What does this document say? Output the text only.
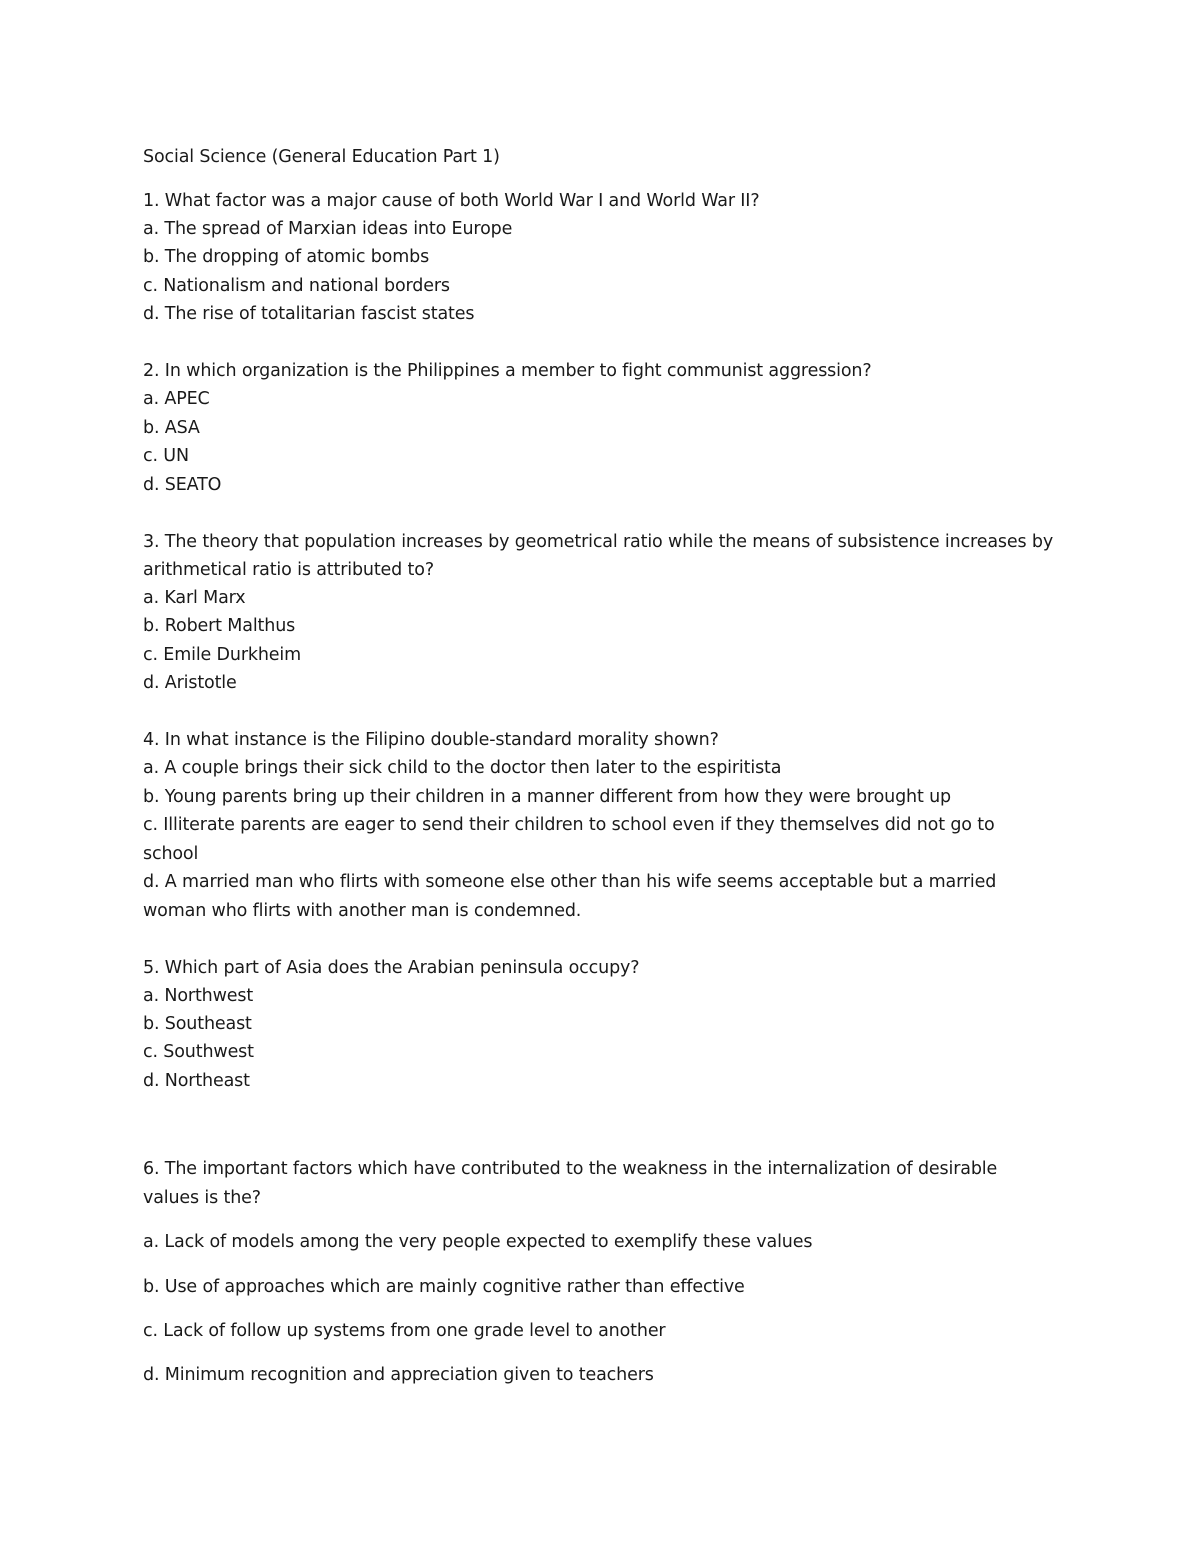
Social Science (General Education Part 1)
1. What factor was a major cause of both World War I and World War II?
a. The spread of Marxian ideas into Europe
b. The dropping of atomic bombs
c. Nationalism and national borders
d. The rise of totalitarian fascist states
2. In which organization is the Philippines a member to fight communist aggression?
a. APEC
b. ASA
c. UN
d. SEATO
3. The theory that population increases by geometrical ratio while the means of subsistence increases by
arithmetical ratio is attributed to?
a. Karl Marx
b. Robert Malthus
c. Emile Durkheim
d. Aristotle
4. In what instance is the Filipino double-standard morality shown?
a. A couple brings their sick child to the doctor then later to the espiritista
b. Young parents bring up their children in a manner different from how they were brought up
c. Illiterate parents are eager to send their children to school even if they themselves did not go to
school
d. A married man who flirts with someone else other than his wife seems acceptable but a married
woman who flirts with another man is condemned.
5. Which part of Asia does the Arabian peninsula occupy?
a. Northwest
b. Southeast
c. Southwest
d. Northeast
6. The important factors which have contributed to the weakness in the internalization of desirable
values is the?
a. Lack of models among the very people expected to exemplify these values
b. Use of approaches which are mainly cognitive rather than effective
c. Lack of follow up systems from one grade level to another
d. Minimum recognition and appreciation given to teachers
